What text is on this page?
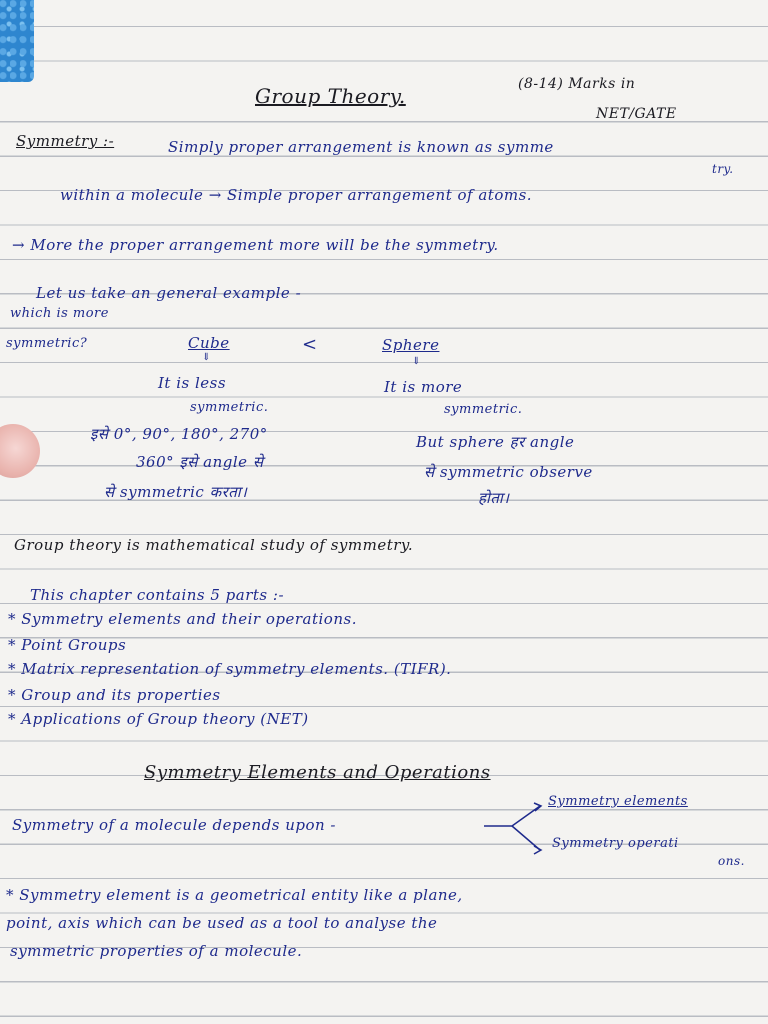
Group Theory.	(8-14) Marks in
NET/GATE
Symmetry :-	Simply proper arrangement is known as symme
try.
within a molecule → Simple proper arrangement of atoms.
→ More the proper arrangement more will be the symmetry.
Let us take an general example -
which is more
symmetric?	Cube	<	Sphere
⇓	⇓
It is less
symmetric.
It is more
symmetric.
इसे 0°, 90°, 180°, 270°
360° इसे angle से
से symmetric करता।
But sphere हर angle
से symmetric observe
होता।
Group theory is mathematical study of symmetry.
This chapter contains 5 parts :-
* Symmetry elements and their operations.
* Point Groups
* Matrix representation of symmetry elements. (TIFR).
* Group and its properties
* Applications of Group theory (NET)
Symmetry Elements and Operations
Symmetry of a molecule depends upon -
Symmetry elements
Symmetry operati
ons.
* Symmetry element is a geometrical entity like a plane,
point, axis which can be used as a tool to analyse the
symmetric properties of a molecule.
